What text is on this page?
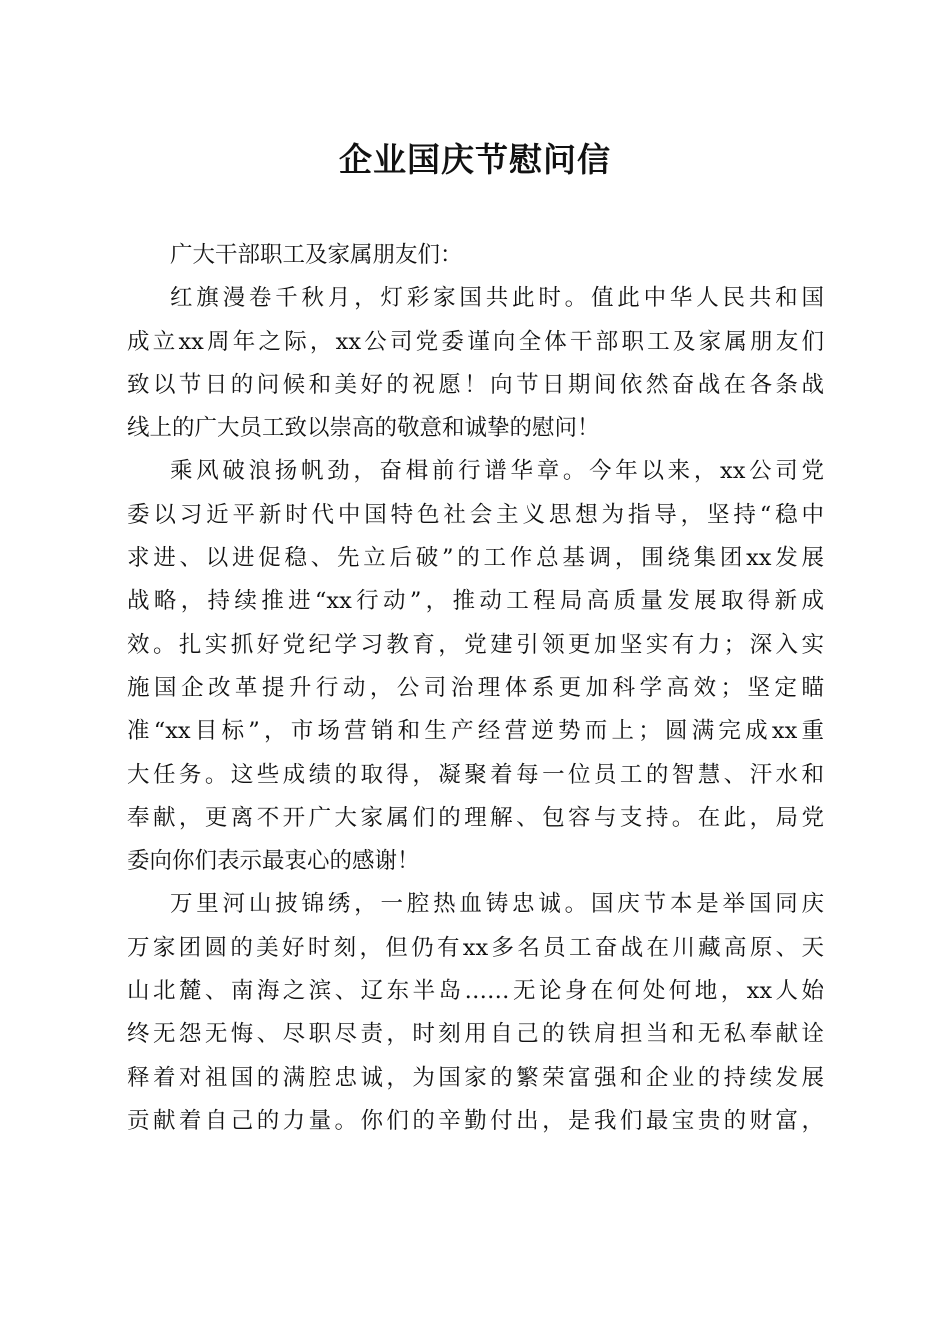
企业国庆节慰问信

广大干部职工及家属朋友们：

红旗漫卷千秋月，灯彩家国共此时。值此中华人民共和国
成立xx周年之际，xx公司党委谨向全体干部职工及家属朋友们
致以节日的问候和美好的祝愿！向节日期间依然奋战在各条战
线上的广大员工致以崇高的敬意和诚挚的慰问！
乘风破浪扬帆劲，奋楫前行谱华章。今年以来，xx公司党
委以习近平新时代中国特色社会主义思想为指导，坚持“稳中
求进、以进促稳、先立后破”的工作总基调，围绕集团xx发展
战略，持续推进“xx行动”，推动工程局高质量发展取得新成
效。扎实抓好党纪学习教育，党建引领更加坚实有力；深入实
施国企改革提升行动，公司治理体系更加科学高效；坚定瞄
准“xx目标”，市场营销和生产经营逆势而上；圆满完成xx重
大任务。这些成绩的取得，凝聚着每一位员工的智慧、汗水和
奉献，更离不开广大家属们的理解、包容与支持。在此，局党
委向你们表示最衷心的感谢！
万里河山披锦绣，一腔热血铸忠诚。国庆节本是举国同庆
万家团圆的美好时刻，但仍有xx多名员工奋战在川藏高原、天
山北麓、南海之滨、辽东半岛……无论身在何处何地，xx人始
终无怨无悔、尽职尽责，时刻用自己的铁肩担当和无私奉献诠
释着对祖国的满腔忠诚，为国家的繁荣富强和企业的持续发展
贡献着自己的力量。你们的辛勤付出，是我们最宝贵的财富，
